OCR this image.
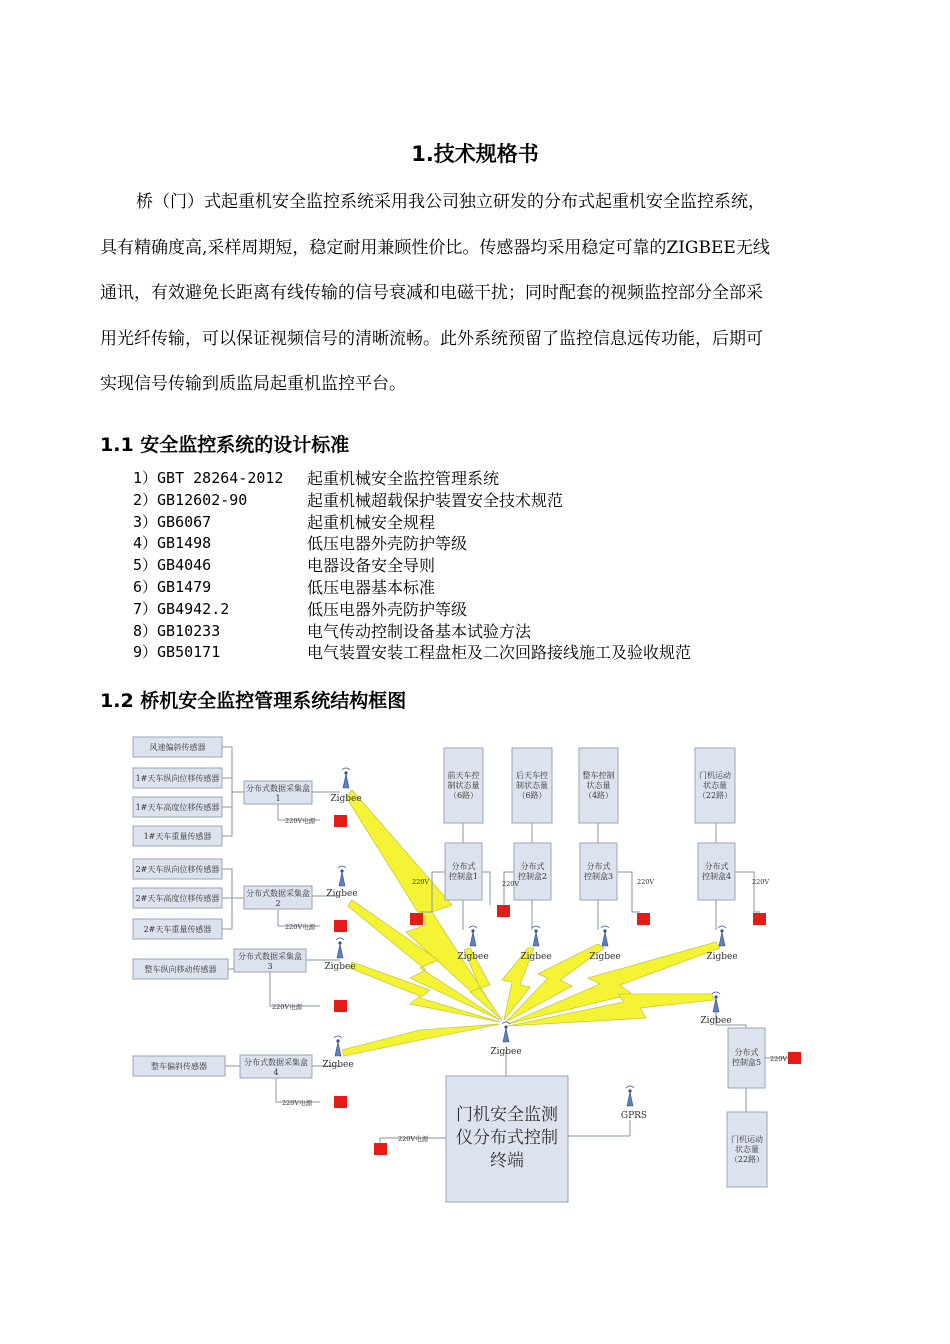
1.技术规格书
桥（门）式起重机安全监控系统采用我公司独立研发的分布式起重机安全监控系统，
具有精确度高,采样周期短，稳定耐用兼顾性价比。传感器均采用稳定可靠的ZIGBEE无线
通讯，有效避免长距离有线传输的信号衰减和电磁干扰；同时配套的视频监控部分全部采
用光纤传输，可以保证视频信号的清晰流畅。此外系统预留了监控信息远传功能，后期可
实现信号传输到质监局起重机监控平台。
1.1 安全监控系统的设计标准
1）GBT 28264-2012 起重机械安全监控管理系统
2）GB12602-90	起重机械超载保护装置安全技术规范
3）GB6067	起重机械安全规程
4）GB1498	低压电器外壳防护等级
5）GB4046	电器设备安全导则
6）GB1479	低压电器基本标准
7）GB4942.2	低压电器外壳防护等级
8）GB10233	电气传动控制设备基本试验方法
9）GB50171	电气装置安装工程盘柜及二次回路接线施工及验收规范
1.2 桥机安全监控管理系统结构框图
风速偏斜传感器
1#天车纵向位移传感器
1#天车高度位移传感器
1#天车重量传感器
2#天车纵向位移传感器
2#天车高度位移传感器
2#天车重量传感器
整车纵向移动传感器
整车偏斜传感器
分布式数据采集盒
1
分布式数据采集盒
2
分布式数据采集盒
3
分布式数据采集盒
4
前天车控
制状态量
（6路）
后天车控
制状态量
（6路）
整车控制
状态量
（4路）
门机运动
状态量
（22路）
门机运动
状态量
（22路）
分布式
控制盒1
分布式
控制盒2
分布式
控制盒3
分布式
控制盒4
分布式
控制盒5
Zigbee
Zigbee
Zigbee
Zigbee
Zigbee	Zigbee	Zigbee	Zigbee
Zigbee
Zigbee
GPRS
220V电源
220V电源
220V电源
220V电源
220V电源
220V	220V	220V	220V
220V
门机安全监测
仪分布式控制
终端
